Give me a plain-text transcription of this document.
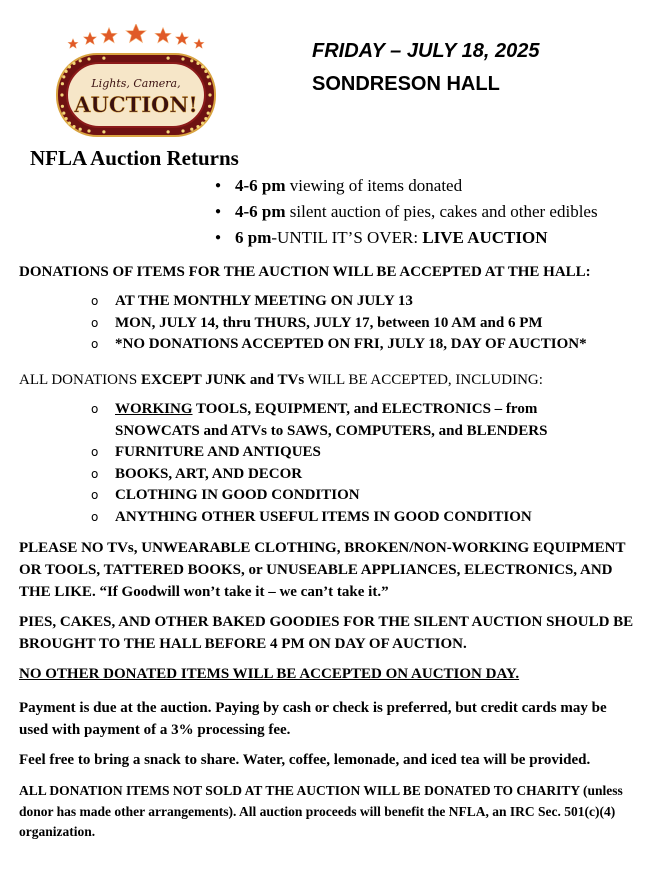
Lights, Camera,
AUCTION!

FRIDAY – JULY 18, 2025

SONDRESON HALL

NFLA Auction Returns
● 4-6 pm viewing of items donated
● 4-6 pm silent auction of pies, cakes and other edibles
● 6 pm-UNTIL IT’S OVER: LIVE AUCTION

DONATIONS OF ITEMS FOR THE AUCTION WILL BE ACCEPTED AT THE HALL:

o AT THE MONTHLY MEETING ON JULY 13
o MON, JULY 14, thru THURS, JULY 17, between 10 AM and 6 PM
o *NO DONATIONS ACCEPTED ON FRI, JULY 18, DAY OF AUCTION*

ALL DONATIONS EXCEPT JUNK and TVs WILL BE ACCEPTED, INCLUDING:

o WORKING TOOLS, EQUIPMENT, and ELECTRONICS – from SNOWCATS and ATVs to SAWS, COMPUTERS, and BLENDERS
o FURNITURE AND ANTIQUES
o BOOKS, ART, AND DECOR
o CLOTHING IN GOOD CONDITION
o ANYTHING OTHER USEFUL ITEMS IN GOOD CONDITION

PLEASE NO TVs, UNWEARABLE CLOTHING, BROKEN/NON-WORKING EQUIPMENT OR TOOLS, TATTERED BOOKS, or UNUSEABLE APPLIANCES, ELECTRONICS, AND THE LIKE. “If Goodwill won’t take it – we can’t take it.”

PIES, CAKES, AND OTHER BAKED GOODIES FOR THE SILENT AUCTION SHOULD BE BROUGHT TO THE HALL BEFORE 4 PM ON DAY OF AUCTION.

NO OTHER DONATED ITEMS WILL BE ACCEPTED ON AUCTION DAY.

Payment is due at the auction. Paying by cash or check is preferred, but credit cards may be used with payment of a 3% processing fee.

Feel free to bring a snack to share. Water, coffee, lemonade, and iced tea will be provided.

ALL DONATION ITEMS NOT SOLD AT THE AUCTION WILL BE DONATED TO CHARITY (unless donor has made other arrangements). All auction proceeds will benefit the NFLA, an IRC Sec. 501(c)(4) organization.
